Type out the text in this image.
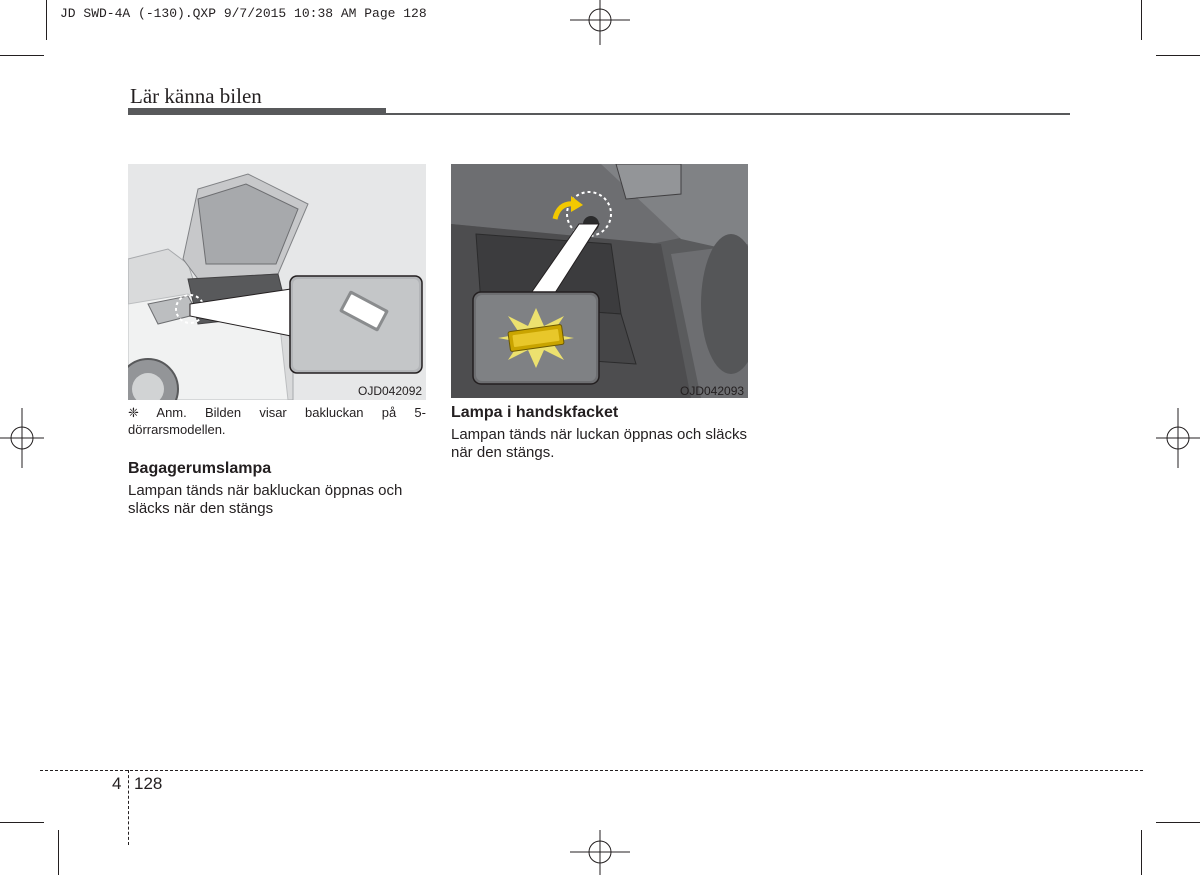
JD SWD-4A (-130).QXP 9/7/2015 10:38 AM Page 128
Lär känna bilen
OJD042092
❈ Anm. Bilden visar bakluckan på 5-dörrarsmodellen.
Bagagerumslampa
Lampan tänds när bakluckan öppnas och släcks när den stängs
OJD042093
Lampa i handskfacket
Lampan tänds när luckan öppnas och släcks när den stängs.
4 128
